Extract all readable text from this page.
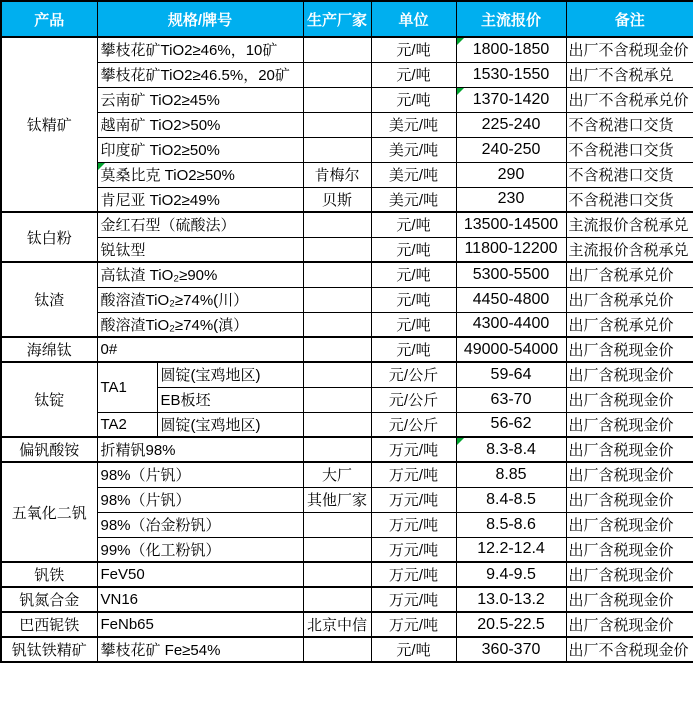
产品	规格/牌号		生产厂家	单位	主流报价	备注
钛精矿	攀枝花矿TiO2≥46%，10矿			元/吨	1800-1850	出厂不含税现金价
	攀枝花矿TiO2≥46.5%，20矿			元/吨	1530-1550	出厂不含税承兑
	云南矿 TiO2≥45%			元/吨	1370-1420	出厂不含税承兑价
	越南矿 TiO2>50%			美元/吨	225-240	不含税港口交货
	印度矿 TiO2≥50%			美元/吨	240-250	不含税港口交货
	莫桑比克 TiO2≥50%		肯梅尔	美元/吨	290	不含税港口交货
	肯尼亚 TiO2≥49%		贝斯	美元/吨	230	不含税港口交货
钛白粉	金红石型（硫酸法）			元/吨	13500-14500	主流报价含税承兑
	锐钛型			元/吨	11800-12200	主流报价含税承兑
钛渣	高钛渣 TiO₂≥90%			元/吨	5300-5500	出厂含税承兑价
	酸溶渣TiO₂≥74%(川）			元/吨	4450-4800	出厂含税承兑价
	酸溶渣TiO₂≥74%(滇）			元/吨	4300-4400	出厂含税承兑价
海绵钛	0#			元/吨	49000-54000	出厂含税现金价
钛锭	TA1	圆锭(宝鸡地区)		元/公斤	59-64	出厂含税现金价
		EB板坯		元/公斤	63-70	出厂含税现金价
	TA2	圆锭(宝鸡地区)		元/公斤	56-62	出厂含税现金价
偏钒酸铵	折精钒98%			万元/吨	8.3-8.4	出厂含税现金价
五氧化二钒	98%（片钒）		大厂	万元/吨	8.85	出厂含税现金价
	98%（片钒）		其他厂家	万元/吨	8.4-8.5	出厂含税现金价
	98%（冶金粉钒）			万元/吨	8.5-8.6	出厂含税现金价
	99%（化工粉钒）			万元/吨	12.2-12.4	出厂含税现金价
钒铁	FeV50			万元/吨	9.4-9.5	出厂含税现金价
钒氮合金	VN16			万元/吨	13.0-13.2	出厂含税现金价
巴西铌铁	FeNb65		北京中信	万元/吨	20.5-22.5	出厂含税现金价
钒钛铁精矿	攀枝花矿 Fe≥54%			元/吨	360-370	出厂不含税现金价
